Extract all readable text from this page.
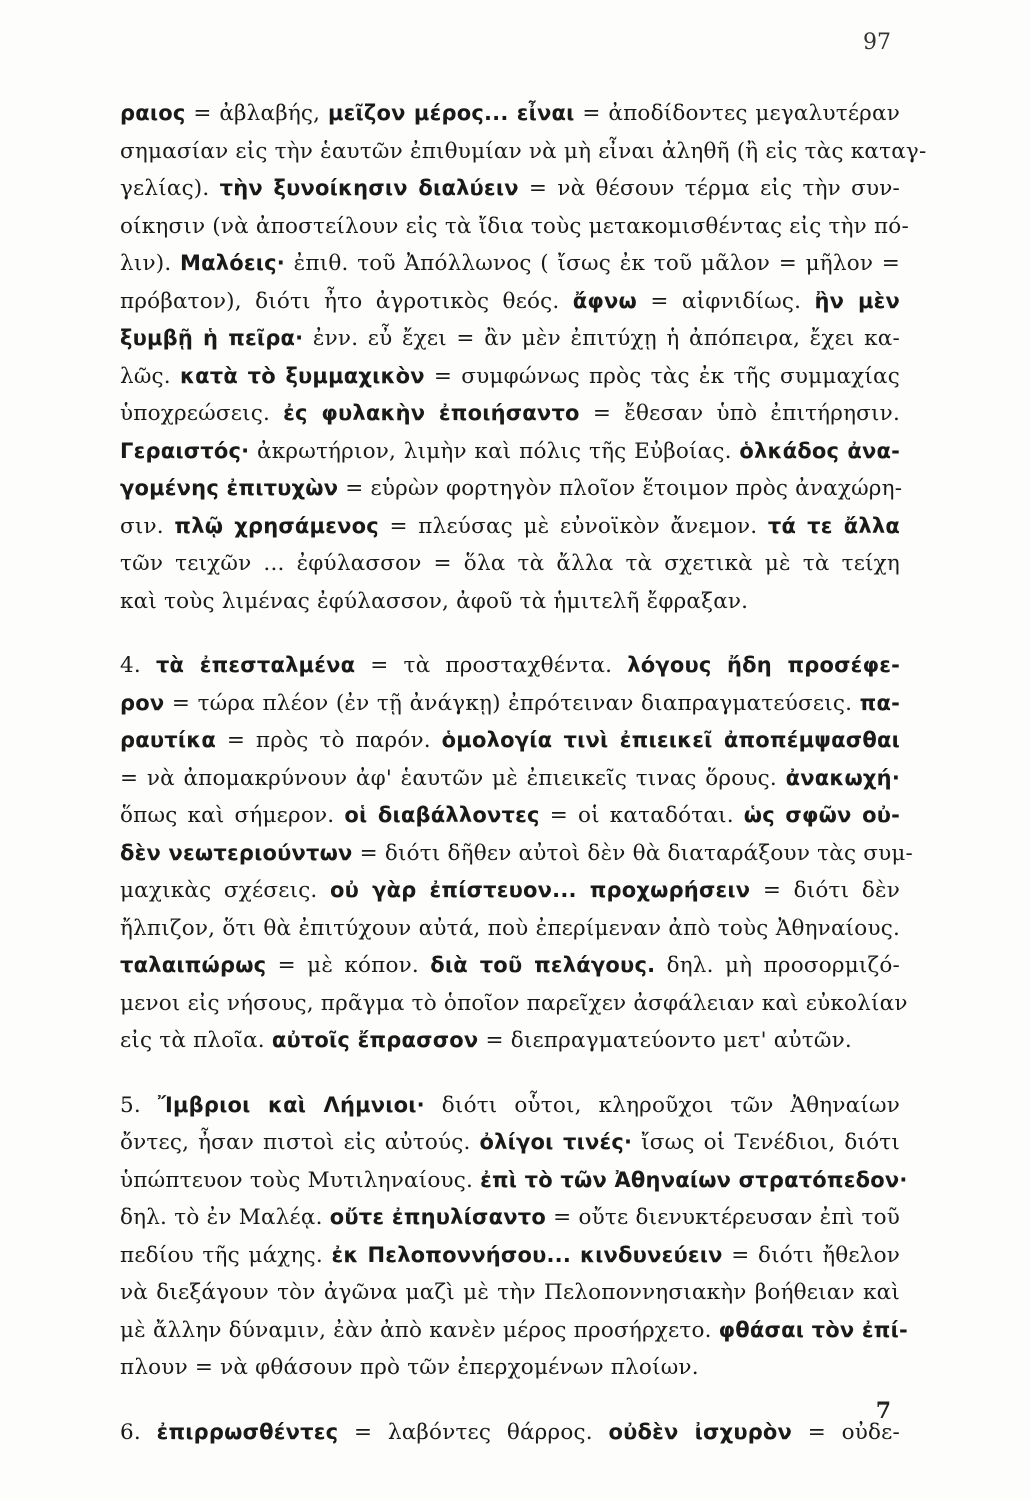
97
ραιος = ἀβλαβής, μεῖζον μέρος... εἶναι = ἀποδίδοντες μεγαλυτέραν
σημασίαν εἰς τὴν ἑαυτῶν ἐπιθυμίαν νὰ μὴ εἶναι ἀληθῆ (ἢ εἰς τὰς καταγ-
γελίας). τὴν ξυνοίκησιν διαλύειν = νὰ θέσουν τέρμα εἰς τὴν συν-
οίκησιν (νὰ ἀποστείλουν εἰς τὰ ἴδια τοὺς μετακομισθέντας εἰς τὴν πό-
λιν). Μαλόεις· ἐπιθ. τοῦ Ἀπόλλωνος ( ἴσως ἐκ τοῦ μᾶλον = μῆλον =
πρόβατον), διότι ἦτο ἀγροτικὸς θεός. ἄφνω = αἰφνιδίως. ἢν μὲν
ξυμβῇ ἡ πεῖρα· ἐνν. εὖ ἔχει = ἂν μὲν ἐπιτύχῃ ἡ ἀπόπειρα, ἔχει κα-
λῶς. κατὰ τὸ ξυμμαχικὸν = συμφώνως πρὸς τὰς ἐκ τῆς συμμαχίας
ὑποχρεώσεις. ἐς φυλακὴν ἐποιήσαντο = ἔθεσαν ὑπὸ ἐπιτήρησιν.
Γεραιστός· ἀκρωτήριον, λιμὴν καὶ πόλις τῆς Εὐβοίας. ὁλκάδος ἀνα-
γομένης ἐπιτυχὼν = εὑρὼν φορτηγὸν πλοῖον ἕτοιμον πρὸς ἀναχώρη-
σιν. πλῷ χρησάμενος = πλεύσας μὲ εὐνοϊκὸν ἄνεμον. τά τε ἄλλα
τῶν τειχῶν ... ἐφύλασσον = ὅλα τὰ ἄλλα τὰ σχετικὰ μὲ τὰ τείχη
καὶ τοὺς λιμένας ἐφύλασσον, ἀφοῦ τὰ ἡμιτελῆ ἔφραξαν.
4. τὰ ἐπεσταλμένα = τὰ προσταχθέντα. λόγους ἤδη προσέφε-
ρον = τώρα πλέον (ἐν τῇ ἀνάγκῃ) ἐπρότειναν διαπραγματεύσεις. πα-
ραυτίκα = πρὸς τὸ παρόν. ὁμολογία τινὶ ἐπιεικεῖ ἀποπέμψασθαι
= νὰ ἀπομακρύνουν ἀφ' ἑαυτῶν μὲ ἐπιεικεῖς τινας ὅρους. ἀνακωχή·
ὅπως καὶ σήμερον. οἱ διαβάλλοντες = οἱ καταδόται. ὡς σφῶν οὐ-
δὲν νεωτεριούντων = διότι δῆθεν αὐτοὶ δὲν θὰ διαταράξουν τὰς συμ-
μαχικὰς σχέσεις. οὐ γὰρ ἐπίστευον... προχωρήσειν = διότι δὲν
ἤλπιζον, ὅτι θὰ ἐπιτύχουν αὐτά, ποὺ ἐπερίμεναν ἀπὸ τοὺς Ἀθηναίους.
ταλαιπώρως = μὲ κόπον. διὰ τοῦ πελάγους. δηλ. μὴ προσορμιζό-
μενοι εἰς νήσους, πρᾶγμα τὸ ὁποῖον παρεῖχεν ἀσφάλειαν καὶ εὐκολίαν
εἰς τὰ πλοῖα. αὐτοῖς ἔπρασσον = διεπραγματεύοντο μετ' αὐτῶν.
5. Ἴμβριοι καὶ Λήμνιοι· διότι οὗτοι, κληροῦχοι τῶν Ἀθηναίων
ὄντες, ἦσαν πιστοὶ εἰς αὐτούς. ὀλίγοι τινές· ἴσως οἱ Τενέδιοι, διότι
ὑπώπτευον τοὺς Μυτιληναίους. ἐπὶ τὸ τῶν Ἀθηναίων στρατόπεδον·
δηλ. τὸ ἐν Μαλέᾳ. οὔτε ἐπηυλίσαντο = οὔτε διενυκτέρευσαν ἐπὶ τοῦ
πεδίου τῆς μάχης. ἐκ Πελοποννήσου... κινδυνεύειν = διότι ἤθελον
νὰ διεξάγουν τὸν ἀγῶνα μαζὶ μὲ τὴν Πελοποννησιακὴν βοήθειαν καὶ
μὲ ἄλλην δύναμιν, ἐὰν ἀπὸ κανὲν μέρος προσήρχετο. φθάσαι τὸν ἐπί-
πλουν = νὰ φθάσουν πρὸ τῶν ἐπερχομένων πλοίων.
6. ἐπιρρωσθέντες = λαβόντες θάρρος. οὐδὲν ἰσχυρὸν = οὐδε-
7
